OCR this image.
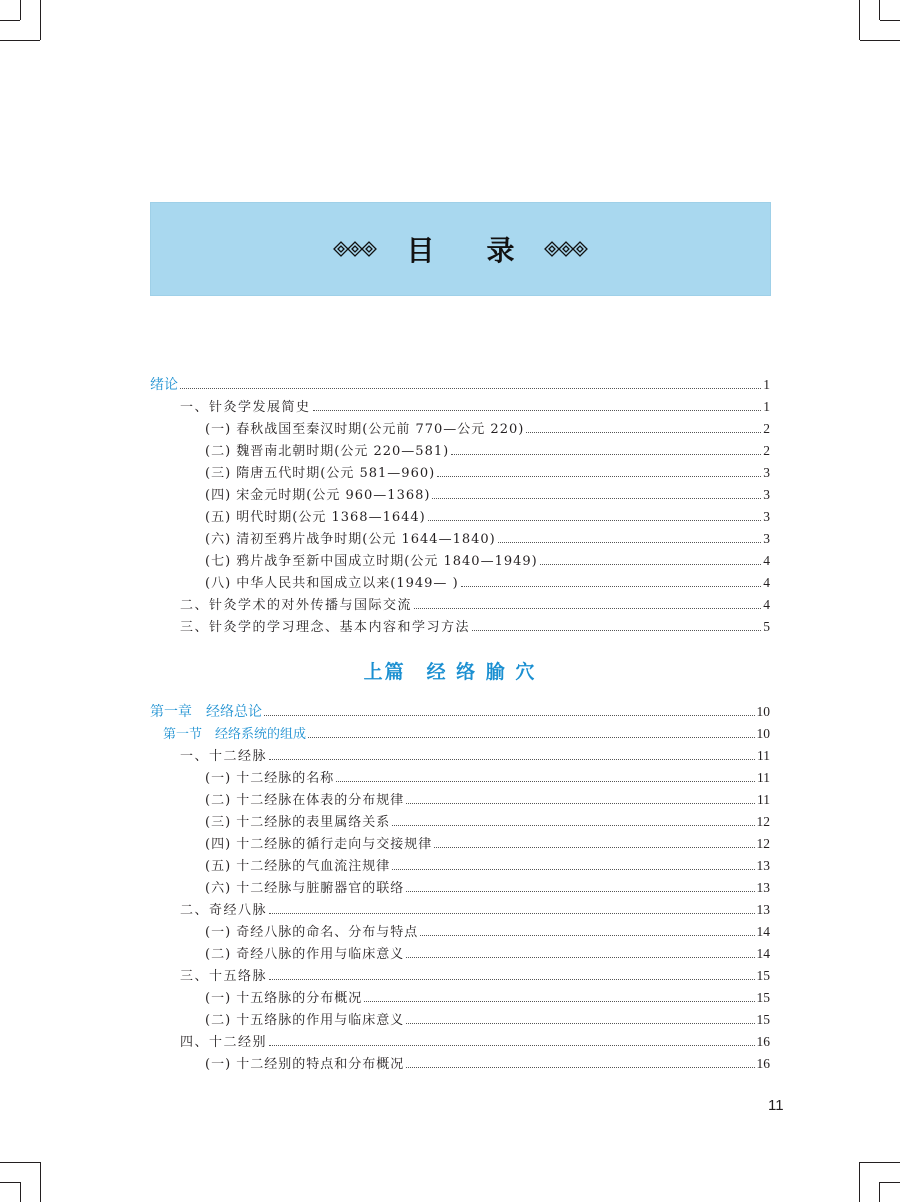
目 录
绪论	1
一、针灸学发展简史	1
(一) 春秋战国至秦汉时期(公元前 770—公元 220)	2
(二) 魏晋南北朝时期(公元 220—581)	2
(三) 隋唐五代时期(公元 581—960)	3
(四) 宋金元时期(公元 960—1368)	3
(五) 明代时期(公元 1368—1644)	3
(六) 清初至鸦片战争时期(公元 1644—1840)	3
(七) 鸦片战争至新中国成立时期(公元 1840—1949)	4
(八) 中华人民共和国成立以来(1949— )	4
二、针灸学术的对外传播与国际交流	4
三、针灸学的学习理念、基本内容和学习方法	5
上篇　经 络 腧 穴
第一章　经络总论	10
第一节　经络系统的组成	10
一、十二经脉	11
(一) 十二经脉的名称	11
(二) 十二经脉在体表的分布规律	11
(三) 十二经脉的表里属络关系	12
(四) 十二经脉的循行走向与交接规律	12
(五) 十二经脉的气血流注规律	13
(六) 十二经脉与脏腑器官的联络	13
二、奇经八脉	13
(一) 奇经八脉的命名、分布与特点	14
(二) 奇经八脉的作用与临床意义	14
三、十五络脉	15
(一) 十五络脉的分布概况	15
(二) 十五络脉的作用与临床意义	15
四、十二经别	16
(一) 十二经别的特点和分布概况	16
11
